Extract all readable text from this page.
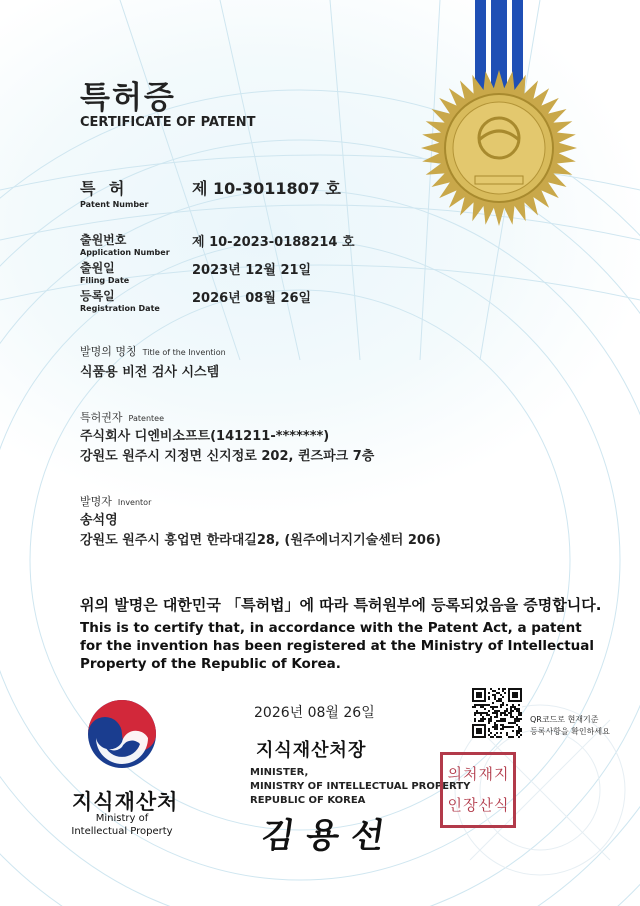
특허증
CERTIFICATE OF PATENT
특 허
Patent Number
제 10-3011807 호
출원번호
Application Number
제 10-2023-0188214 호
출원일
Filing Date
2023년 12월 21일
등록일
Registration Date
2026년 08월 26일
발명의 명칭 Title of the Invention
식품용 비전 검사 시스템
특허권자 Patentee
주식회사 디엔비소프트(141211-*******)
강원도 원주시 지정면 신지정로 202, 퀸즈파크 7층
발명자 Inventor
송석영
강원도 원주시 흥업면 한라대길28, (원주에너지기술센터 206)
위의 발명은 대한민국 「특허법」에 따라 특허원부에 등록되었음을 증명합니다.
This is to certify that, in accordance with the Patent Act, a patent for the invention has been registered at the Ministry of Intellectual Property of the Republic of Korea.
지식재산처
Ministry of
Intellectual Property
2026년 08월 26일
지식재산처장
MINISTER,
MINISTRY OF INTELLECTUAL PROPERTY
REPUBLIC OF KOREA
김용선
의 처 재 지
인 장 산 식
QR코드로 현재기준
등록사항을 확인하세요
